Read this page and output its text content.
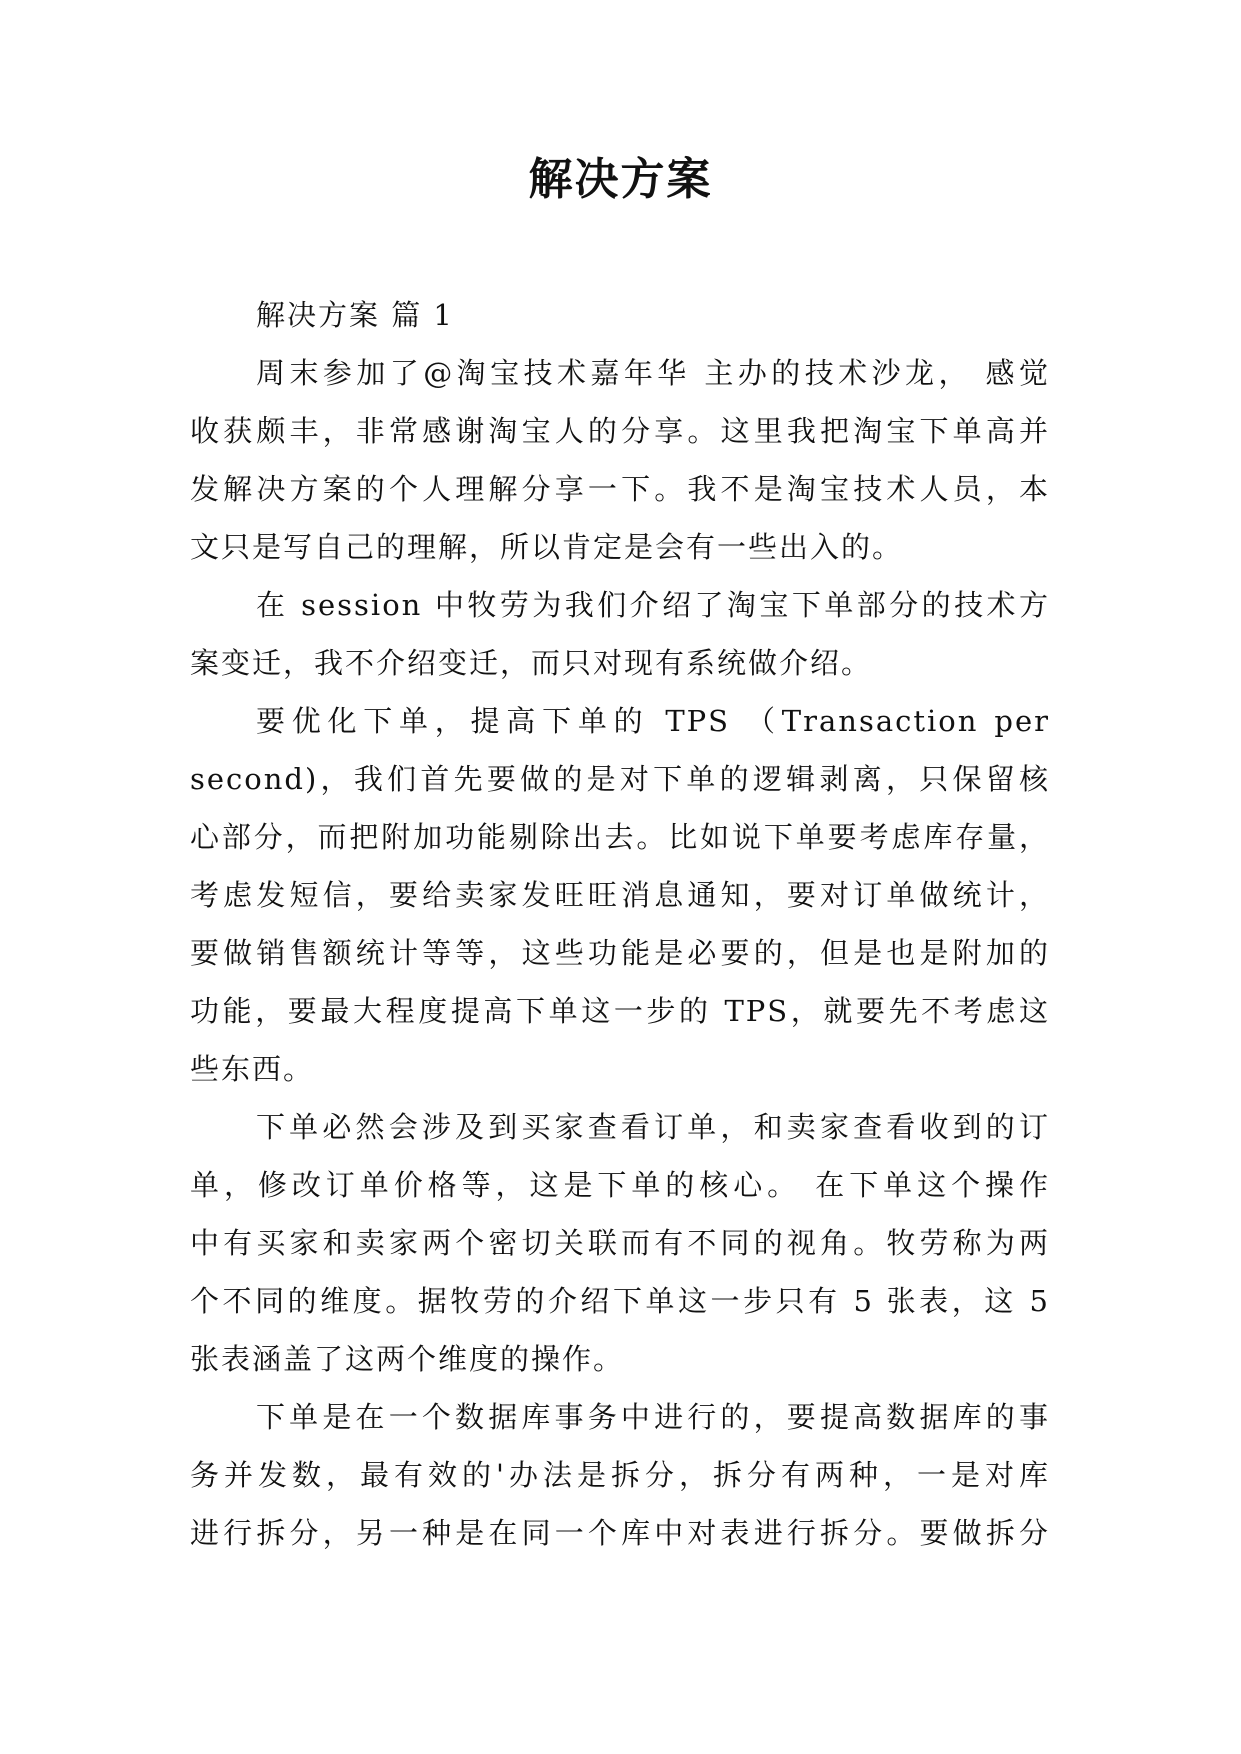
解决方案
解决方案 篇 1
周末参加了@淘宝技术嘉年华 主办的技术沙龙， 感觉
收获颇丰，非常感谢淘宝人的分享。这里我把淘宝下单高并
发解决方案的个人理解分享一下。我不是淘宝技术人员，本
文只是写自己的理解，所以肯定是会有一些出入的。
在 session 中牧劳为我们介绍了淘宝下单部分的技术方
案变迁，我不介绍变迁，而只对现有系统做介绍。
要优化下单，提高下单的 TPS （Transaction per
second)，我们首先要做的是对下单的逻辑剥离，只保留核
心部分，而把附加功能剔除出去。比如说下单要考虑库存量，
考虑发短信，要给卖家发旺旺消息通知，要对订单做统计，
要做销售额统计等等，这些功能是必要的，但是也是附加的
功能，要最大程度提高下单这一步的 TPS，就要先不考虑这
些东西。
下单必然会涉及到买家查看订单，和卖家查看收到的订
单，修改订单价格等，这是下单的核心。 在下单这个操作
中有买家和卖家两个密切关联而有不同的视角。牧劳称为两
个不同的维度。据牧劳的介绍下单这一步只有 5 张表，这 5
张表涵盖了这两个维度的操作。
下单是在一个数据库事务中进行的，要提高数据库的事
务并发数，最有效的'办法是拆分，拆分有两种，一是对库
进行拆分，另一种是在同一个库中对表进行拆分。要做拆分
